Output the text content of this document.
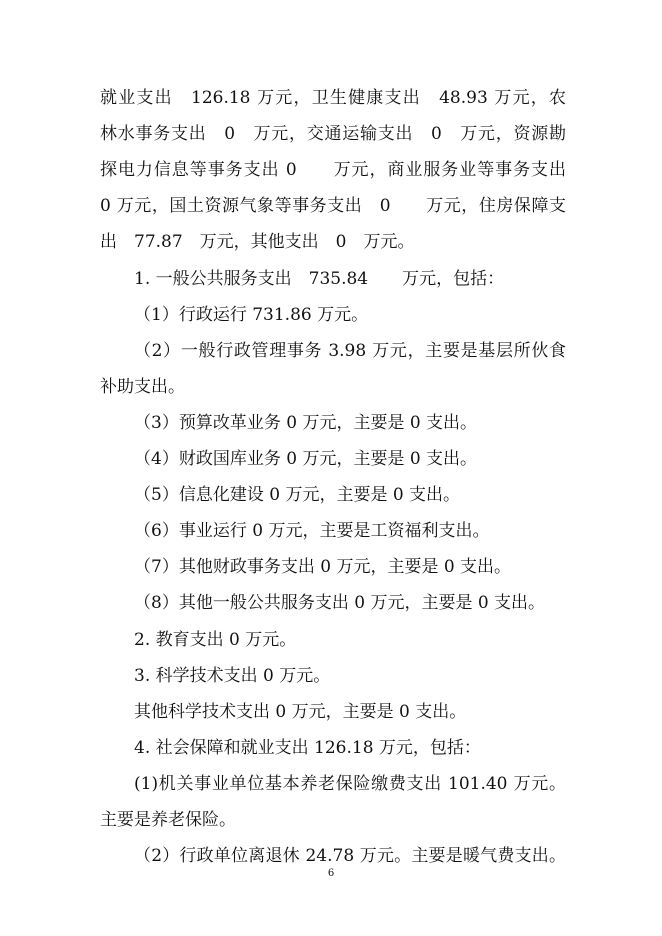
就业支出　126.18 万元，卫生健康支出　48.93 万元，农
林水事务支出　0　万元，交通运输支出　0　万元，资源勘
探电力信息等事务支出 0　　万元，商业服务业等事务支出
0 万元，国土资源气象等事务支出　0　　万元，住房保障支
出　77.87　万元，其他支出　0　万元。
1. 一般公共服务支出　735.84　　万元，包括：
（1）行政运行 731.86 万元。
（2）一般行政管理事务 3.98 万元，主要是基层所伙食
补助支出。
（3）预算改革业务 0 万元，主要是 0 支出。
（4）财政国库业务 0 万元，主要是 0 支出。
（5）信息化建设 0 万元，主要是 0 支出。
（6）事业运行 0 万元，主要是工资福利支出。
（7）其他财政事务支出 0 万元，主要是 0 支出。
（8）其他一般公共服务支出 0 万元，主要是 0 支出。
2. 教育支出 0 万元。
3. 科学技术支出 0 万元。
其他科学技术支出 0 万元，主要是 0 支出。
4. 社会保障和就业支出 126.18 万元，包括：
(1)机关事业单位基本养老保险缴费支出 101.40 万元。
主要是养老保险。
（2）行政单位离退休 24.78 万元。主要是暖气费支出。
6
